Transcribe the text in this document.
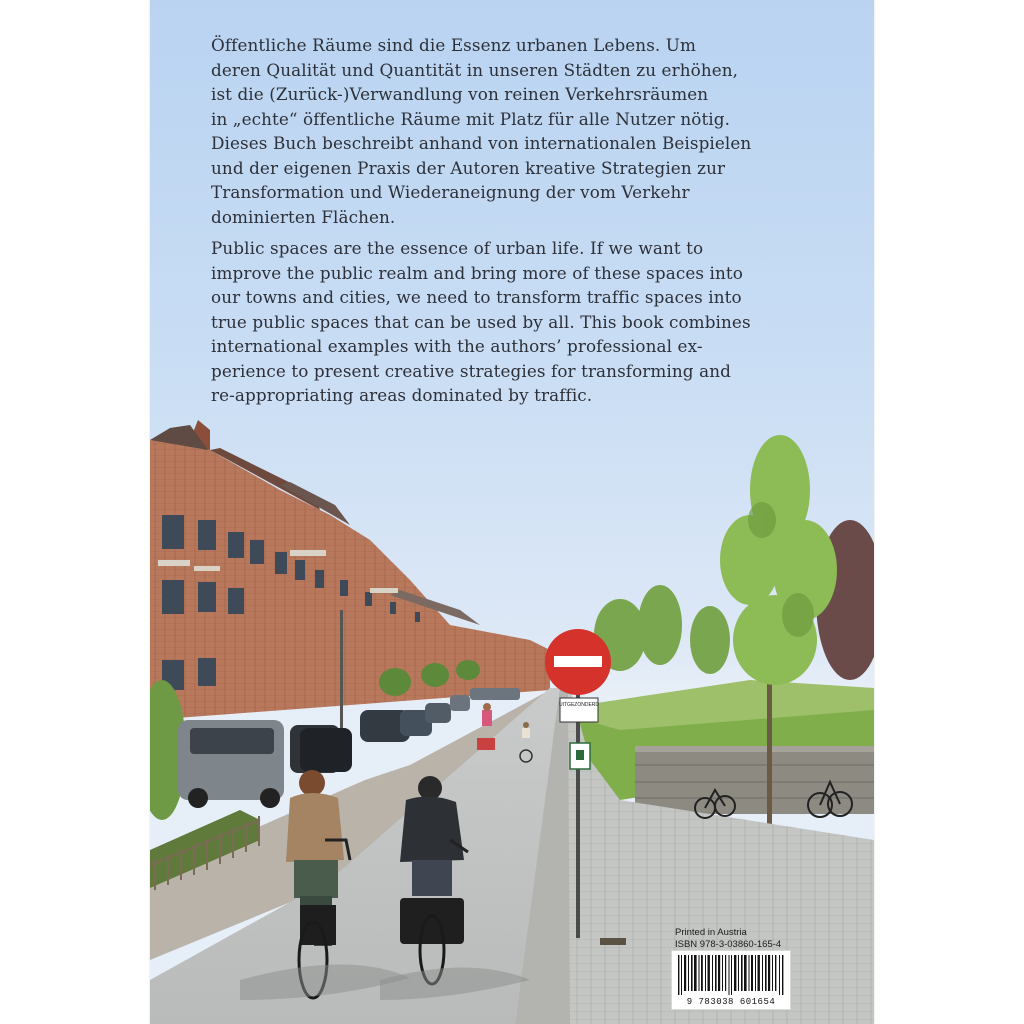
Öffentliche Räume sind die Essenz urbanen Lebens. Um
deren Qualität und Quantität in unseren Städten zu erhöhen,
ist die (Zurück-)Verwandlung von reinen Verkehrsräumen
in „echte“ öffentliche Räume mit Platz für alle Nutzer nötig.
Dieses Buch beschreibt anhand von internationalen Beispielen
und der eigenen Praxis der Autoren kreative Strategien zur
Transformation und Wiederaneignung der vom Verkehr
dominierten Flächen.
Public spaces are the essence of urban life. If we want to
improve the public realm and bring more of these spaces into
our towns and cities, we need to transform traffic spaces into
true public spaces that can be used by all. This book combines
international examples with the authors’ professional ex-
perience to present creative strategies for transforming and
re-appropriating areas dominated by traffic.
UITGEZONDERD
Printed in Austria
ISBN 978-3-03860-165-4
9 783038 601654
